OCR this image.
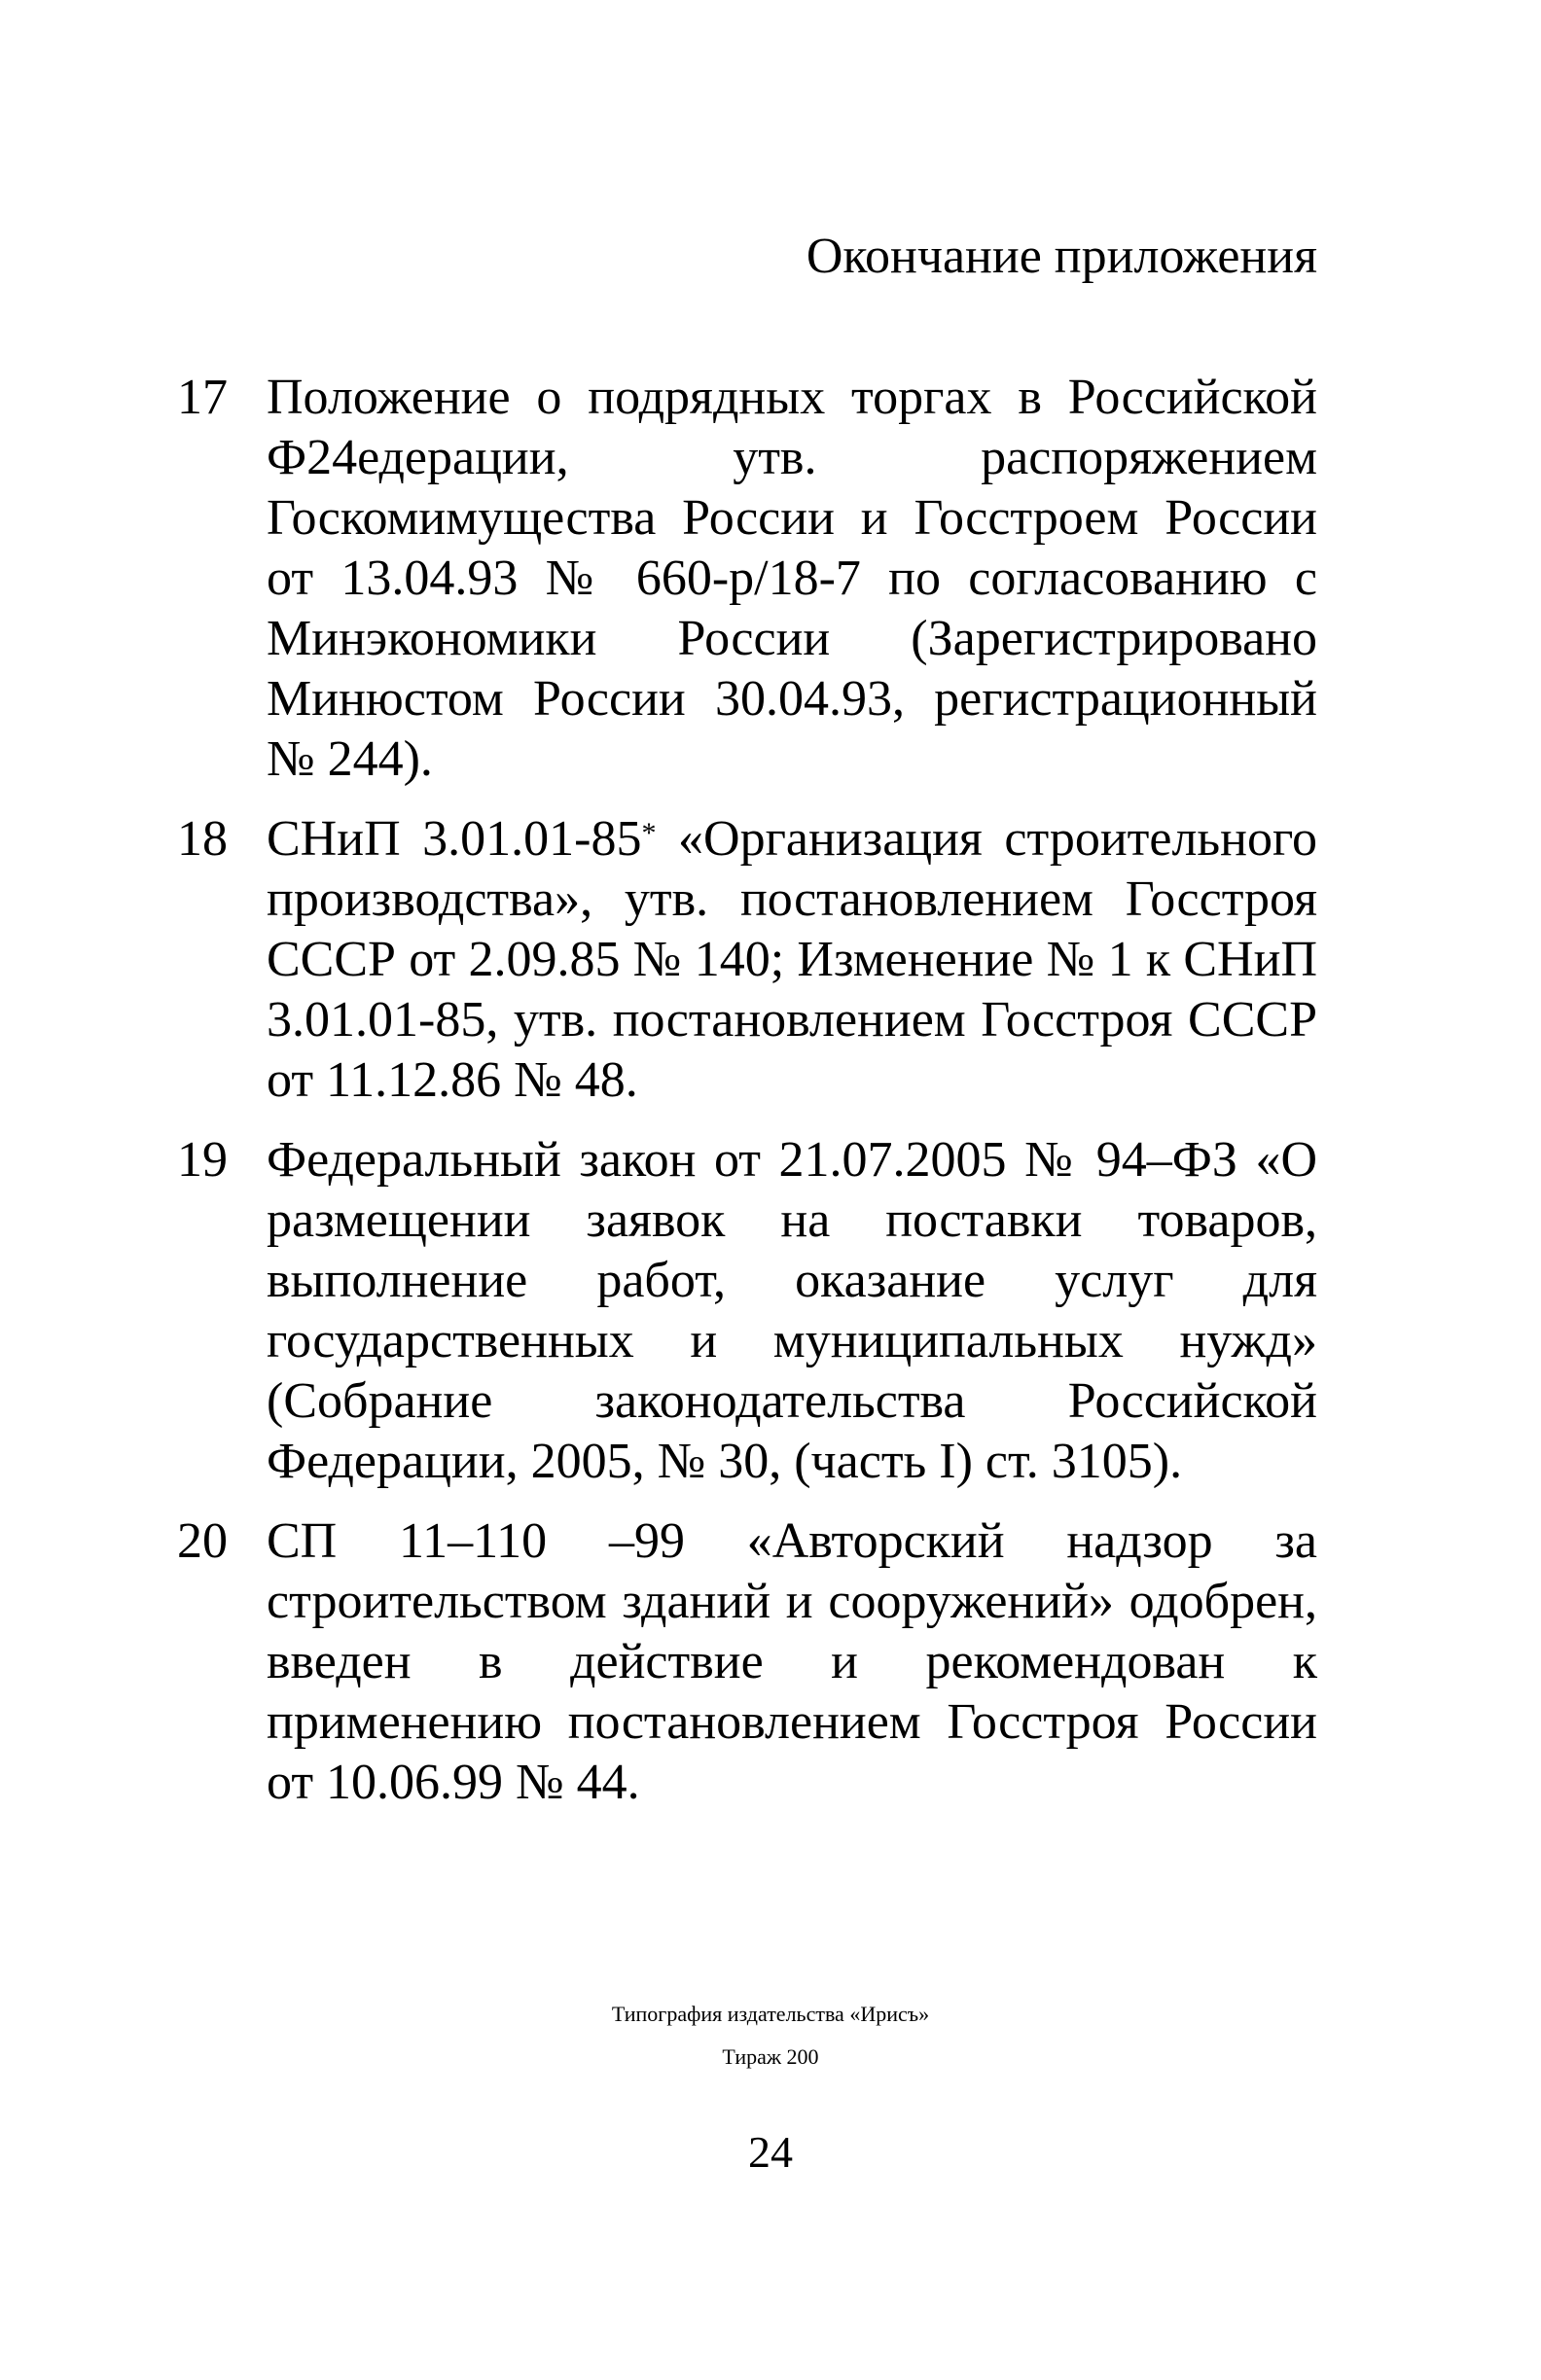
Окончание приложения
17 Положение о подрядных торгах в Российской Ф24едерации, утв. распоряжением Госкомимущества России и Госстроем России от 13.04.93 № 660-р/18-7 по согласованию с Минэкономики России (Зарегистрировано Минюстом России 30.04.93, регистрационный № 244).
18 СНиП 3.01.01-85* «Организация строительного производства», утв. постановлением Госстроя СССР от 2.09.85 № 140; Изменение № 1 к СНиП 3.01.01-85, утв. постановлением Госстроя СССР от 11.12.86 № 48.
19 Федеральный закон от 21.07.2005 № 94–ФЗ «О размещении заявок на поставки товаров, выполнение работ, оказание услуг для государственных и муниципальных нужд» (Собрание законодательства Российской Федерации, 2005, № 30, (часть I) ст. 3105).
20 СП 11–110 –99 «Авторский надзор за строительством зданий и сооружений» одобрен, введен в действие и рекомендован к применению постановлением Госстроя России от 10.06.99 № 44.
Типография издательства «Ирисъ»
Тираж 200
24
